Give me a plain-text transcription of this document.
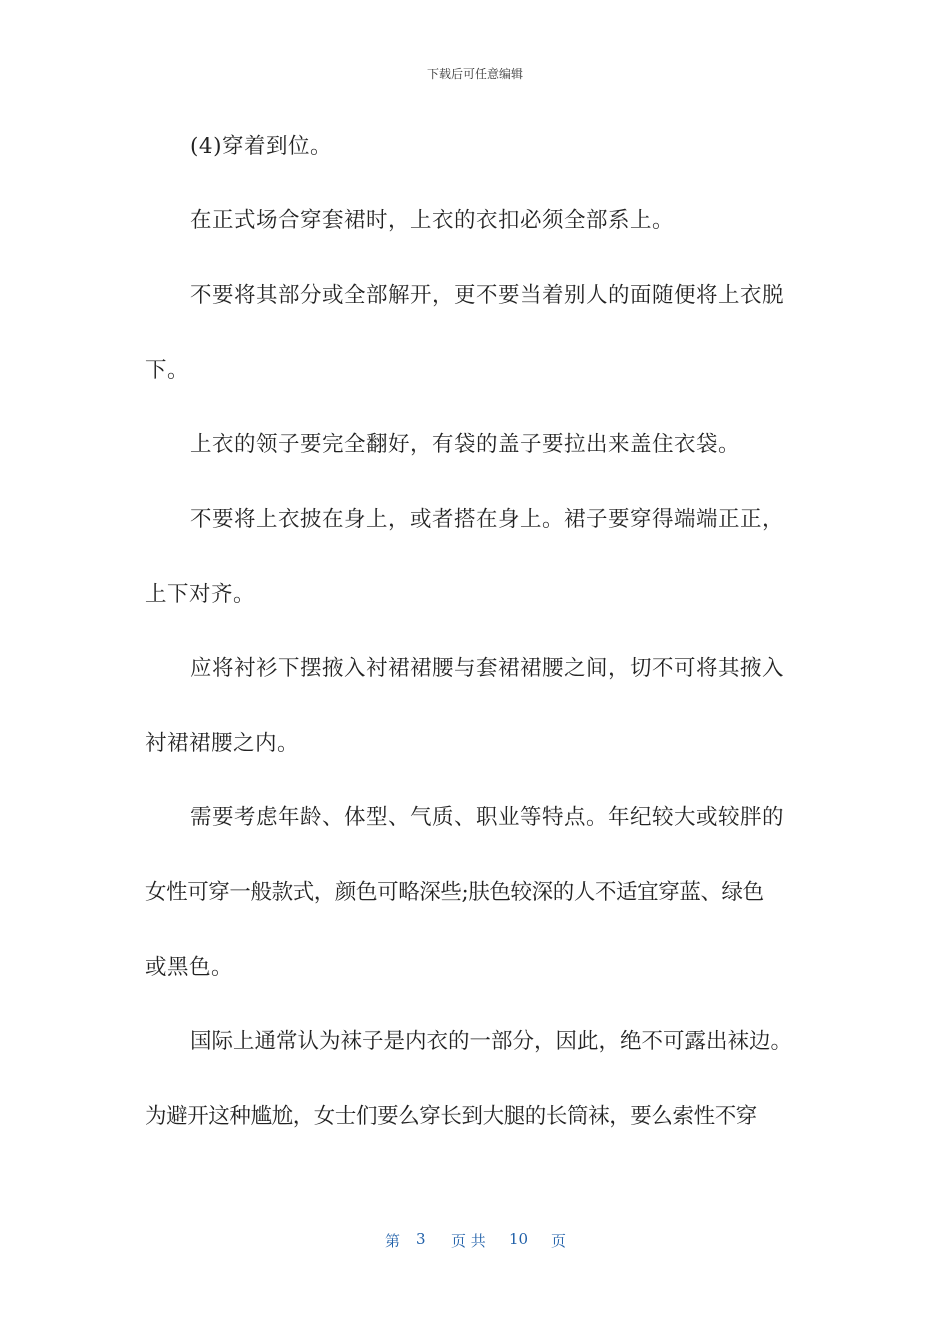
下载后可任意编辑
(4)穿着到位。
在正式场合穿套裙时，上衣的衣扣必须全部系上。
不要将其部分或全部解开，更不要当着别人的面随便将上衣脱
下。
上衣的领子要完全翻好，有袋的盖子要拉出来盖住衣袋。
不要将上衣披在身上，或者搭在身上。裙子要穿得端端正正，
上下对齐。
应将衬衫下摆掖入衬裙裙腰与套裙裙腰之间，切不可将其掖入
衬裙裙腰之内。
需要考虑年龄、体型、气质、职业等特点。年纪较大或较胖的
女性可穿一般款式，颜色可略深些;肤色较深的人不适宜穿蓝、绿色
或黑色。
国际上通常认为袜子是内衣的一部分，因此，绝不可露出袜边。
为避开这种尴尬，女士们要么穿长到大腿的长筒袜，要么索性不穿
第 3 页 共 10 页
